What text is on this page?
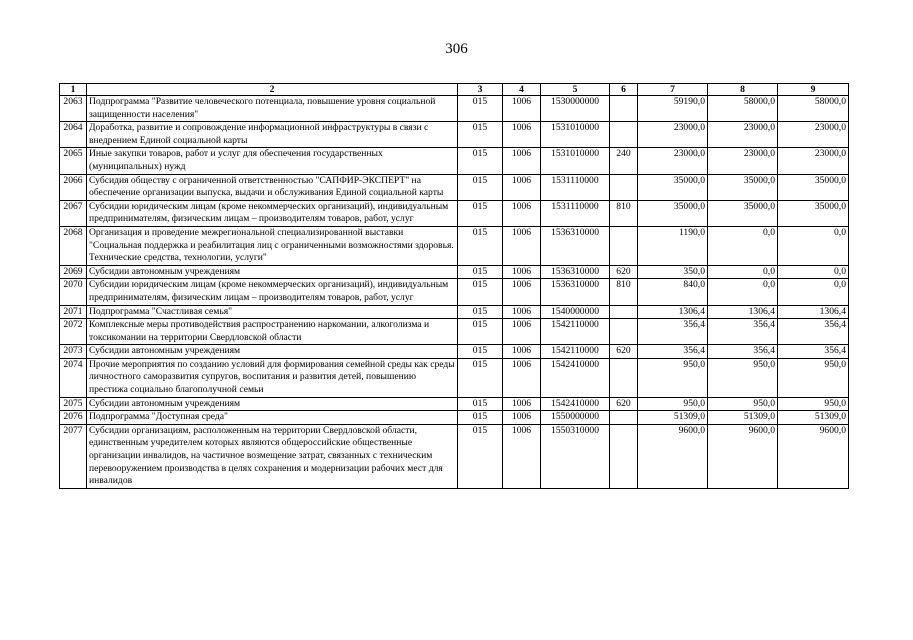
306
1	2	3	4	5	6	7	8	9
2063	Подпрограмма "Развитие человеческого потенциала, повышение уровня социальной защищенности населения"	015	1006	1530000000		59190,0	58000,0	58000,0
2064	Доработка, развитие и сопровождение информационной инфраструктуры в связи с внедрением Единой социальной карты	015	1006	1531010000		23000,0	23000,0	23000,0
2065	Иные закупки товаров, работ и услуг для обеспечения государственных (муниципальных) нужд	015	1006	1531010000	240	23000,0	23000,0	23000,0
2066	Субсидия обществу с ограниченной ответственностью "САПФИР-ЭКСПЕРТ" на обеспечение организации выпуска, выдачи и обслуживания Единой социальной карты	015	1006	1531110000		35000,0	35000,0	35000,0
2067	Субсидии юридическим лицам (кроме некоммерческих организаций), индивидуальным предпринимателям, физическим лицам – производителям товаров, работ, услуг	015	1006	1531110000	810	35000,0	35000,0	35000,0
2068	Организация и проведение межрегиональной специализированной выставки "Социальная поддержка и реабилитация лиц с ограниченными возможностями здоровья. Технические средства, технологии, услуги"	015	1006	1536310000		1190,0	0,0	0,0
2069	Субсидии автономным учреждениям	015	1006	1536310000	620	350,0	0,0	0,0
2070	Субсидии юридическим лицам (кроме некоммерческих организаций), индивидуальным предпринимателям, физическим лицам – производителям товаров, работ, услуг	015	1006	1536310000	810	840,0	0,0	0,0
2071	Подпрограмма "Счастливая семья"	015	1006	1540000000		1306,4	1306,4	1306,4
2072	Комплексные меры противодействия распространению наркомании, алкоголизма и токсикомании на территории Свердловской области	015	1006	1542110000		356,4	356,4	356,4
2073	Субсидии автономным учреждениям	015	1006	1542110000	620	356,4	356,4	356,4
2074	Прочие мероприятия по созданию условий для формирования семейной среды как среды личностного саморазвития супругов, воспитания и развития детей, повышению престижа социально благополучной семьи	015	1006	1542410000		950,0	950,0	950,0
2075	Субсидии автономным учреждениям	015	1006	1542410000	620	950,0	950,0	950,0
2076	Подпрограмма "Доступная среда"	015	1006	1550000000		51309,0	51309,0	51309,0
2077	Субсидии организациям, расположенным на территории Свердловской области, единственным учредителем которых являются общероссийские общественные организации инвалидов, на частичное возмещение затрат, связанных с техническим перевооружением производства в целях сохранения и модернизации рабочих мест для инвалидов	015	1006	1550310000		9600,0	9600,0	9600,0
